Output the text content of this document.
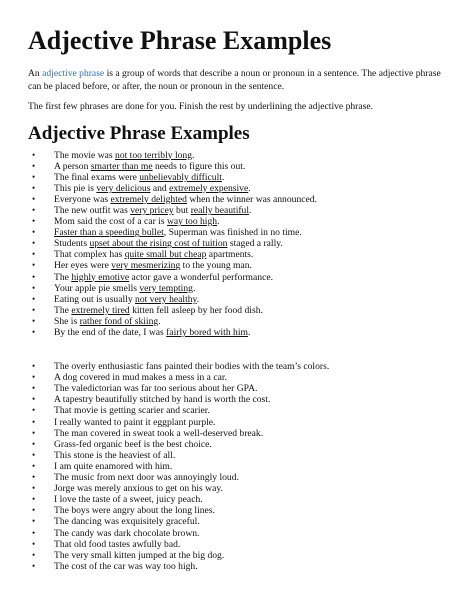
Adjective Phrase Examples

An adjective phrase is a group of words that describe a noun or pronoun in a sentence. The adjective phrase can be placed before, or after, the noun or pronoun in the sentence.

The first few phrases are done for you. Finish the rest by underlining the adjective phrase.

Adjective Phrase Examples
• The movie was not too terribly long.
• A person smarter than me needs to figure this out.
• The final exams were unbelievably difficult.
• This pie is very delicious and extremely expensive.
• Everyone was extremely delighted when the winner was announced.
• The new outfit was very pricey but really beautiful.
• Mom said the cost of a car is way too high.
• Faster than a speeding bullet, Superman was finished in no time.
• Students upset about the rising cost of tuition staged a rally.
• That complex has quite small but cheap apartments.
• Her eyes were very mesmerizing to the young man.
• The highly emotive actor gave a wonderful performance.
• Your apple pie smells very tempting.
• Eating out is usually not very healthy.
• The extremely tired kitten fell asleep by her food dish.
• She is rather fond of skiing.
• By the end of the date, I was fairly bored with him.
• The overly enthusiastic fans painted their bodies with the team’s colors.
• A dog covered in mud makes a mess in a car.
• The valedictorian was far too serious about her GPA.
• A tapestry beautifully stitched by hand is worth the cost.
• That movie is getting scarier and scarier.
• I really wanted to paint it eggplant purple.
• The man covered in sweat took a well-deserved break.
• Grass-fed organic beef is the best choice.
• This stone is the heaviest of all.
• I am quite enamored with him.
• The music from next door was annoyingly loud.
• Jorge was merely anxious to get on his way.
• I love the taste of a sweet, juicy peach.
• The boys were angry about the long lines.
• The dancing was exquisitely graceful.
• The candy was dark chocolate brown.
• That old food tastes awfully bad.
• The very small kitten jumped at the big dog.
• The cost of the car was way too high.
